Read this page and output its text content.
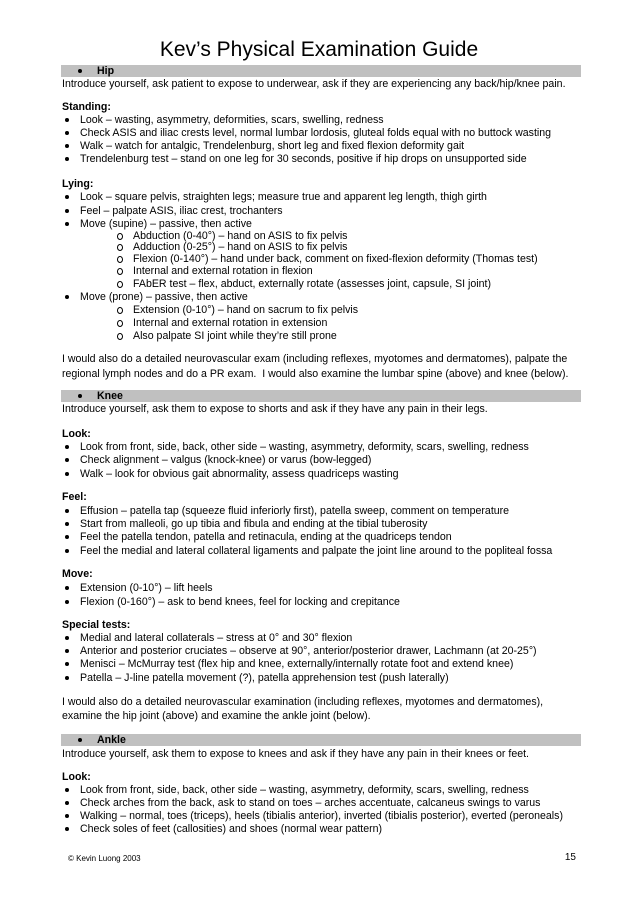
Kev’s Physical Examination Guide
Hip
Introduce yourself, ask patient to expose to underwear, ask if they are experiencing any back/hip/knee pain.
Standing:
Look – wasting, asymmetry, deformities, scars, swelling, redness
Check ASIS and iliac crests level, normal lumbar lordosis, gluteal folds equal with no buttock wasting
Walk – watch for antalgic, Trendelenburg, short leg and fixed flexion deformity gait
Trendelenburg test – stand on one leg for 30 seconds, positive if hip drops on unsupported side
Lying:
Look – square pelvis, straighten legs; measure true and apparent leg length, thigh girth
Feel – palpate ASIS, iliac crest, trochanters
Move (supine) – passive, then active
Abduction (0-40°) – hand on ASIS to fix pelvis
Adduction (0-25°) – hand on ASIS to fix pelvis
Flexion (0-140°) – hand under back, comment on fixed-flexion deformity (Thomas test)
Internal and external rotation in flexion
FAbER test – flex, abduct, externally rotate (assesses joint, capsule, SI joint)
Move (prone) – passive, then active
Extension (0-10°) – hand on sacrum to fix pelvis
Internal and external rotation in extension
Also palpate SI joint while they’re still prone
I would also do a detailed neurovascular exam (including reflexes, myotomes and dermatomes), palpate the
regional lymph nodes and do a PR exam.  I would also examine the lumbar spine (above) and knee (below).
Knee
Introduce yourself, ask them to expose to shorts and ask if they have any pain in their legs.
Look:
Look from front, side, back, other side – wasting, asymmetry, deformity, scars, swelling, redness
Check alignment – valgus (knock-knee) or varus (bow-legged)
Walk – look for obvious gait abnormality, assess quadriceps wasting
Feel:
Effusion – patella tap (squeeze fluid inferiorly first), patella sweep, comment on temperature
Start from malleoli, go up tibia and fibula and ending at the tibial tuberosity
Feel the patella tendon, patella and retinacula, ending at the quadriceps tendon
Feel the medial and lateral collateral ligaments and palpate the joint line around to the popliteal fossa
Move:
Extension (0-10°) – lift heels
Flexion (0-160°) – ask to bend knees, feel for locking and crepitance
Special tests:
Medial and lateral collaterals – stress at 0° and 30° flexion
Anterior and posterior cruciates – observe at 90°, anterior/posterior drawer, Lachmann (at 20-25°)
Menisci – McMurray test (flex hip and knee, externally/internally rotate foot and extend knee)
Patella – J-line patella movement (?), patella apprehension test (push laterally)
I would also do a detailed neurovascular examination (including reflexes, myotomes and dermatomes),
examine the hip joint (above) and examine the ankle joint (below).
Ankle
Introduce yourself, ask them to expose to knees and ask if they have any pain in their knees or feet.
Look:
Look from front, side, back, other side – wasting, asymmetry, deformity, scars, swelling, redness
Check arches from the back, ask to stand on toes – arches accentuate, calcaneus swings to varus
Walking – normal, toes (triceps), heels (tibialis anterior), inverted (tibialis posterior), everted (peroneals)
Check soles of feet (callosities) and shoes (normal wear pattern)
© Kevin Luong 2003	15
